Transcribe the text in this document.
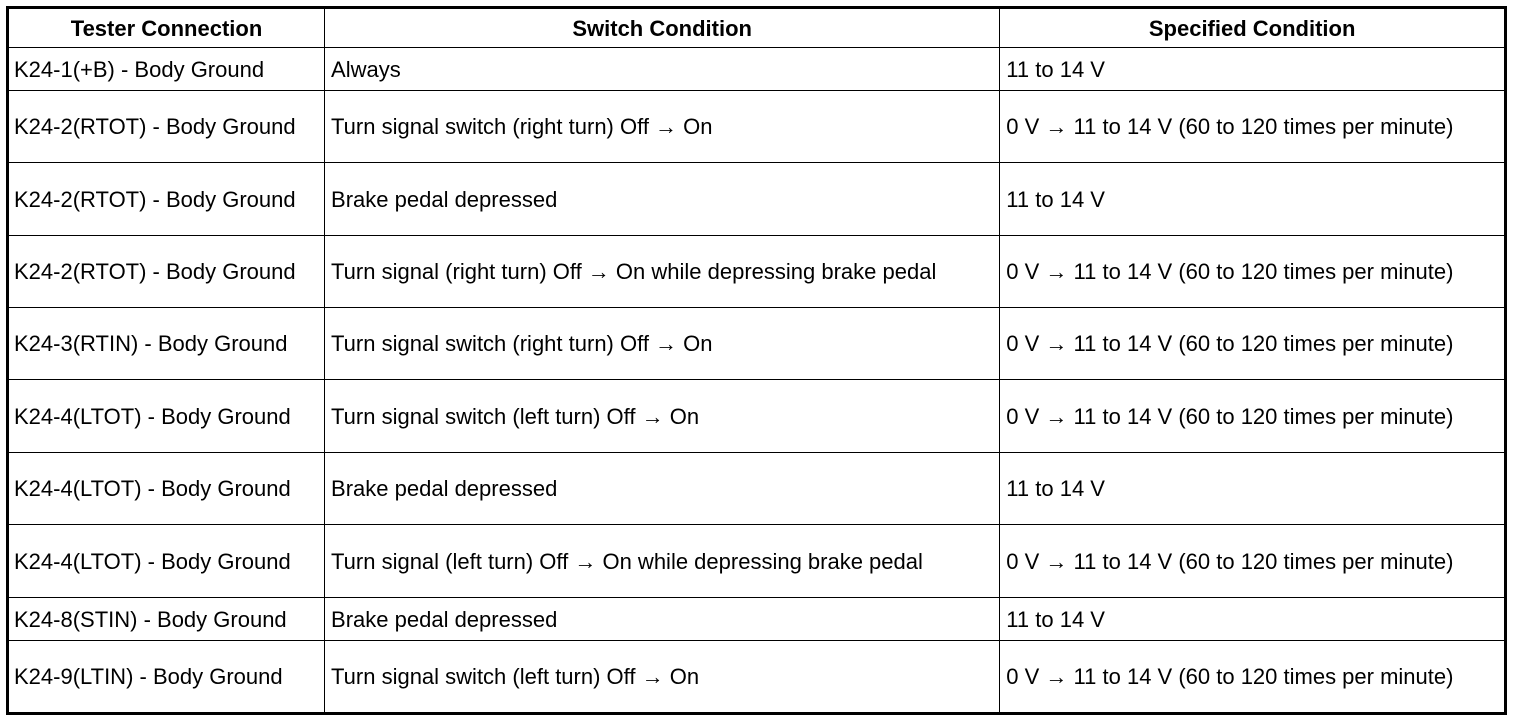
Tester Connection	Switch Condition	Specified Condition
K24-1(+B) - Body Ground	Always	11 to 14 V
K24-2(RTOT) - Body Ground	Turn signal switch (right turn) Off → On	0 V → 11 to 14 V (60 to 120 times per minute)
K24-2(RTOT) - Body Ground	Brake pedal depressed	11 to 14 V
K24-2(RTOT) - Body Ground	Turn signal (right turn) Off → On while depressing brake pedal	0 V → 11 to 14 V (60 to 120 times per minute)
K24-3(RTIN) - Body Ground	Turn signal switch (right turn) Off → On	0 V → 11 to 14 V (60 to 120 times per minute)
K24-4(LTOT) - Body Ground	Turn signal switch (left turn) Off → On	0 V → 11 to 14 V (60 to 120 times per minute)
K24-4(LTOT) - Body Ground	Brake pedal depressed	11 to 14 V
K24-4(LTOT) - Body Ground	Turn signal (left turn) Off → On while depressing brake pedal	0 V → 11 to 14 V (60 to 120 times per minute)
K24-8(STIN) - Body Ground	Brake pedal depressed	11 to 14 V
K24-9(LTIN) - Body Ground	Turn signal switch (left turn) Off → On	0 V → 11 to 14 V (60 to 120 times per minute)
